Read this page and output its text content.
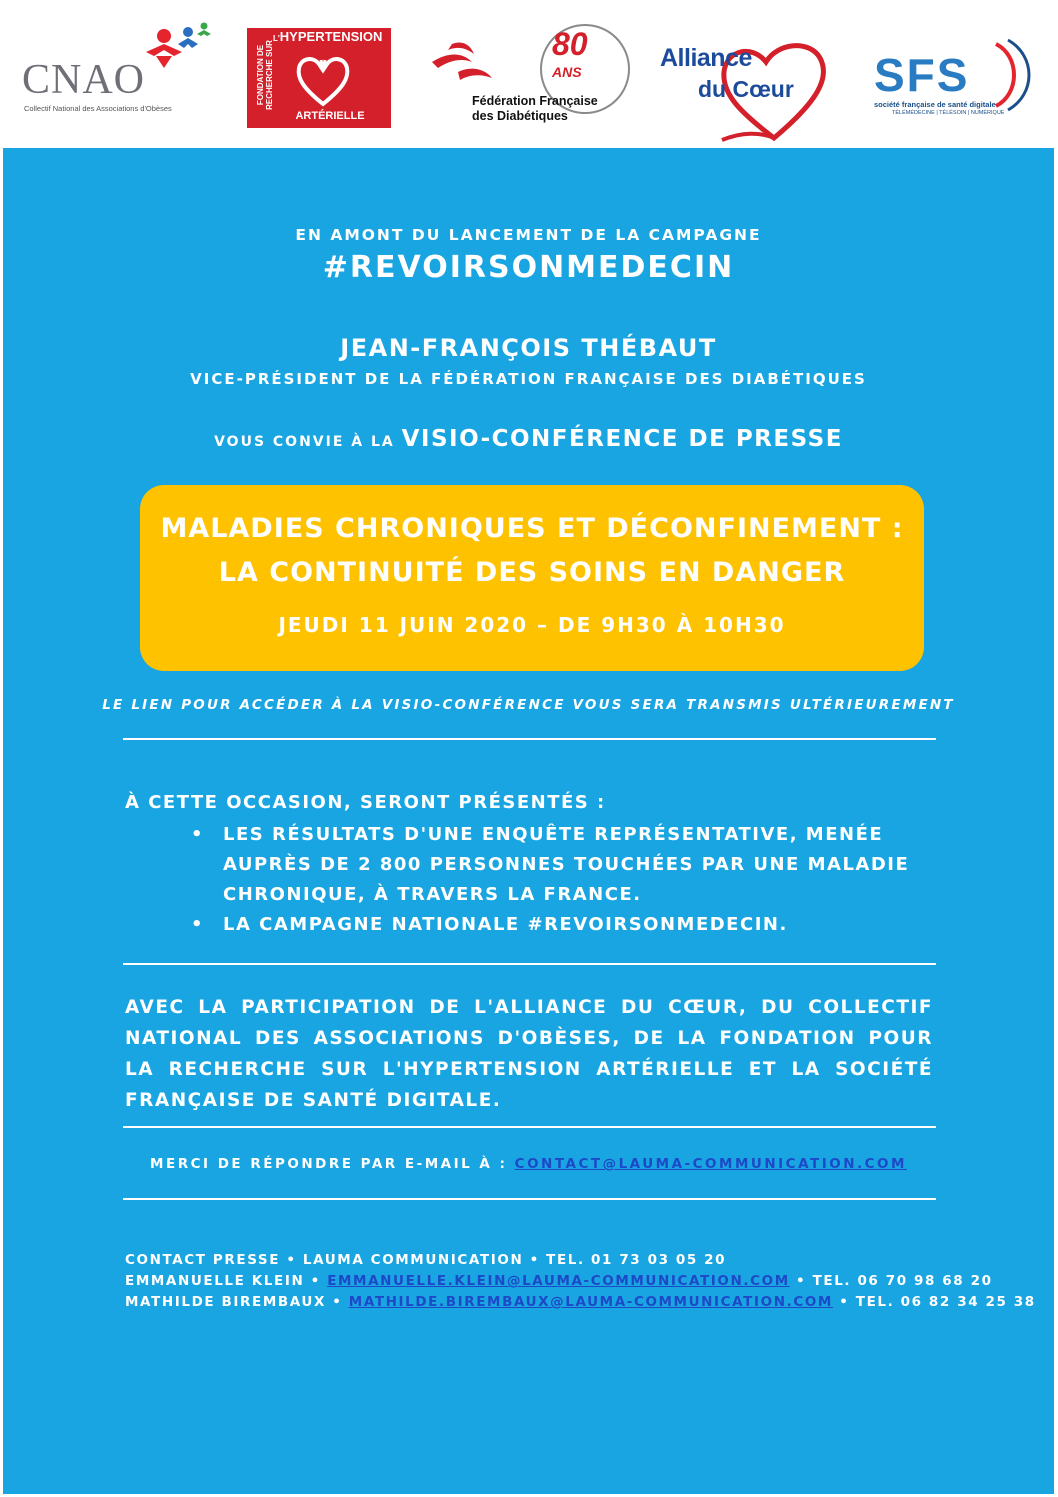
CNAO
Collectif National des Associations d'Obèses
FONDATION DE RECHERCHE SUR
L'HYPERTENSION
ARTÉRIELLE
80
ANS
Fédération Française
des Diabétiques
Alliance
du Cœur SFS
société française de santé digitale
TÉLÉMÉDECINE | TÉLÉSOIN | NUMÉRIQUE
EN AMONT DU LANCEMENT DE LA CAMPAGNE
#REVOIRSONMEDECIN
JEAN-FRANÇOIS THÉBAUT
VICE-PRÉSIDENT DE LA FÉDÉRATION FRANÇAISE DES DIABÉTIQUES
VOUS CONVIE À LA VISIO-CONFÉRENCE DE PRESSE
MALADIES CHRONIQUES ET DÉCONFINEMENT :
LA CONTINUITÉ DES SOINS EN DANGER
JEUDI 11 JUIN 2020 – DE 9H30 À 10H30
LE LIEN POUR ACCÉDER À LA VISIO-CONFÉRENCE VOUS SERA TRANSMIS ULTÉRIEUREMENT
À CETTE OCCASION, SERONT PRÉSENTÉS :
• LES RÉSULTATS D'UNE ENQUÊTE REPRÉSENTATIVE, MENÉE AUPRÈS DE 2 800 PERSONNES TOUCHÉES PAR UNE MALADIE CHRONIQUE, À TRAVERS LA FRANCE.
• LA CAMPAGNE NATIONALE #REVOIRSONMEDECIN.
AVEC LA PARTICIPATION DE L'ALLIANCE DU CŒUR, DU COLLECTIF NATIONAL DES ASSOCIATIONS D'OBÈSES, DE LA FONDATION POUR LA RECHERCHE SUR L'HYPERTENSION ARTÉRIELLE ET LA SOCIÉTÉ FRANÇAISE DE SANTÉ DIGITALE.
MERCI DE RÉPONDRE PAR E-MAIL À : CONTACT@LAUMA-COMMUNICATION.COM
CONTACT PRESSE • LAUMA COMMUNICATION • TEL. 01 73 03 05 20
EMMANUELLE KLEIN • EMMANUELLE.KLEIN@LAUMA-COMMUNICATION.COM • TEL. 06 70 98 68 20
MATHILDE BIREMBAUX • MATHILDE.BIREMBAUX@LAUMA-COMMUNICATION.COM • TEL. 06 82 34 25 38
